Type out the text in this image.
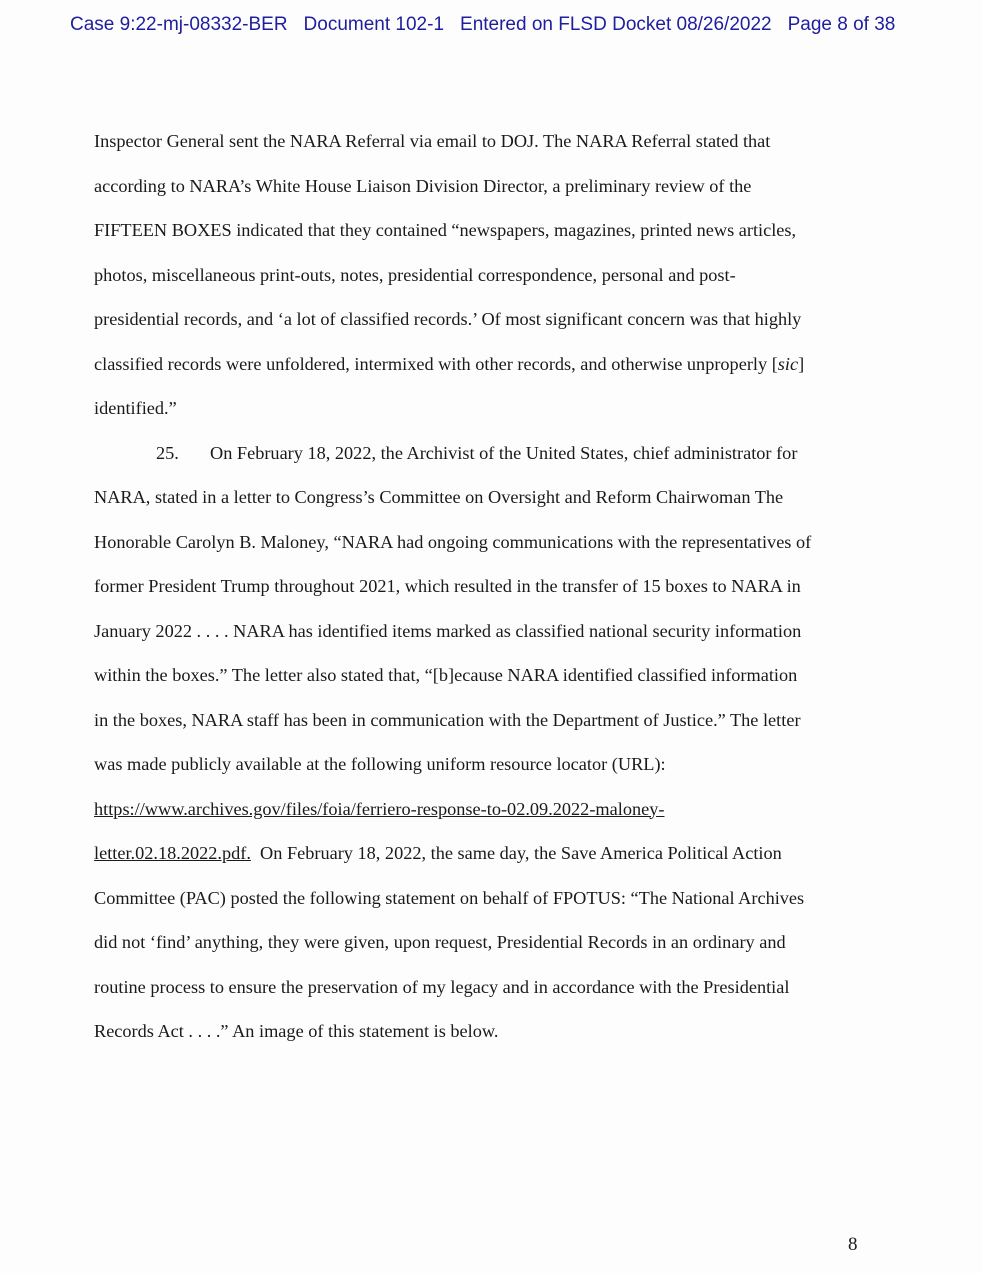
Case 9:22-mj-08332-BER Document 102-1 Entered on FLSD Docket 08/26/2022 Page 8 of 38
Inspector General sent the NARA Referral via email to DOJ. The NARA Referral stated that
according to NARA’s White House Liaison Division Director, a preliminary review of the
FIFTEEN BOXES indicated that they contained “newspapers, magazines, printed news articles,
photos, miscellaneous print-outs, notes, presidential correspondence, personal and post-
presidential records, and ‘a lot of classified records.’ Of most significant concern was that highly
classified records were unfoldered, intermixed with other records, and otherwise unproperly [sic]
identified.”
25. On February 18, 2022, the Archivist of the United States, chief administrator for
NARA, stated in a letter to Congress’s Committee on Oversight and Reform Chairwoman The
Honorable Carolyn B. Maloney, “NARA had ongoing communications with the representatives of
former President Trump throughout 2021, which resulted in the transfer of 15 boxes to NARA in
January 2022 . . . . NARA has identified items marked as classified national security information
within the boxes.” The letter also stated that, “[b]ecause NARA identified classified information
in the boxes, NARA staff has been in communication with the Department of Justice.” The letter
was made publicly available at the following uniform resource locator (URL):
https://www.archives.gov/files/foia/ferriero-response-to-02.09.2022-maloney-
letter.02.18.2022.pdf.  On February 18, 2022, the same day, the Save America Political Action
Committee (PAC) posted the following statement on behalf of FPOTUS: “The National Archives
did not ‘find’ anything, they were given, upon request, Presidential Records in an ordinary and
routine process to ensure the preservation of my legacy and in accordance with the Presidential
Records Act . . . .” An image of this statement is below.
8
